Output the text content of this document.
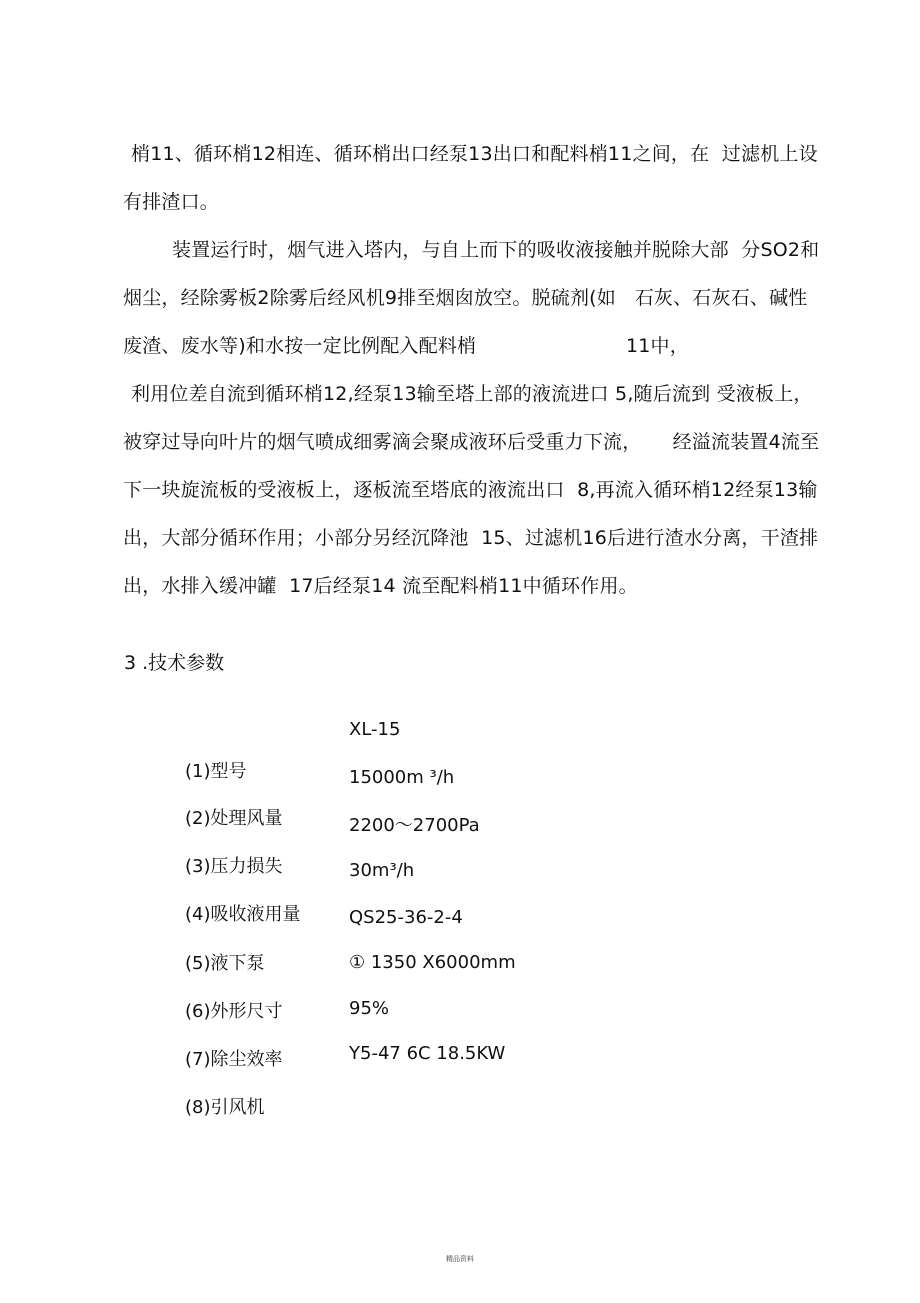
梢11、循环梢12相连、循环梢出口经泵13出口和配料梢11之间，在  过滤机上设
有排渣口。
装置运行时，烟气进入塔内，与自上而下的吸收液接触并脱除大部  分SO2和
烟尘，经除雾板2除雾后经风机9排至烟囱放空。脱硫剂(如   石灰、石灰石、碱性
废渣、废水等)和水按一定比例配入配料梢                        11中，
利用位差自流到循环梢12,经泵13输至塔上部的液流进口 5,随后流到 受液板上，
被穿过导向叶片的烟气喷成细雾滴会聚成液环后受重力下流，     经溢流装置4流至
下一块旋流板的受液板上，逐板流至塔底的液流出口  8,再流入循环梢12经泵13输
出，大部分循环作用；小部分另经沉降池  15、过滤机16后进行渣水分离，干渣排
出，水排入缓冲罐  17后经泵14 流至配料梢11中循环作用。
3 .技术参数
XL-15
15000m ³/h
2200～2700Pa
30m³/h
QS25-36-2-4
① 1350 X6000mm
95%
Y5-47 6C 18.5KW
(1)型号
(2)处理风量
(3)压力损失
(4)吸收液用量
(5)液下泵
(6)外形尺寸
(7)除尘效率
(8)引风机
精品资料
